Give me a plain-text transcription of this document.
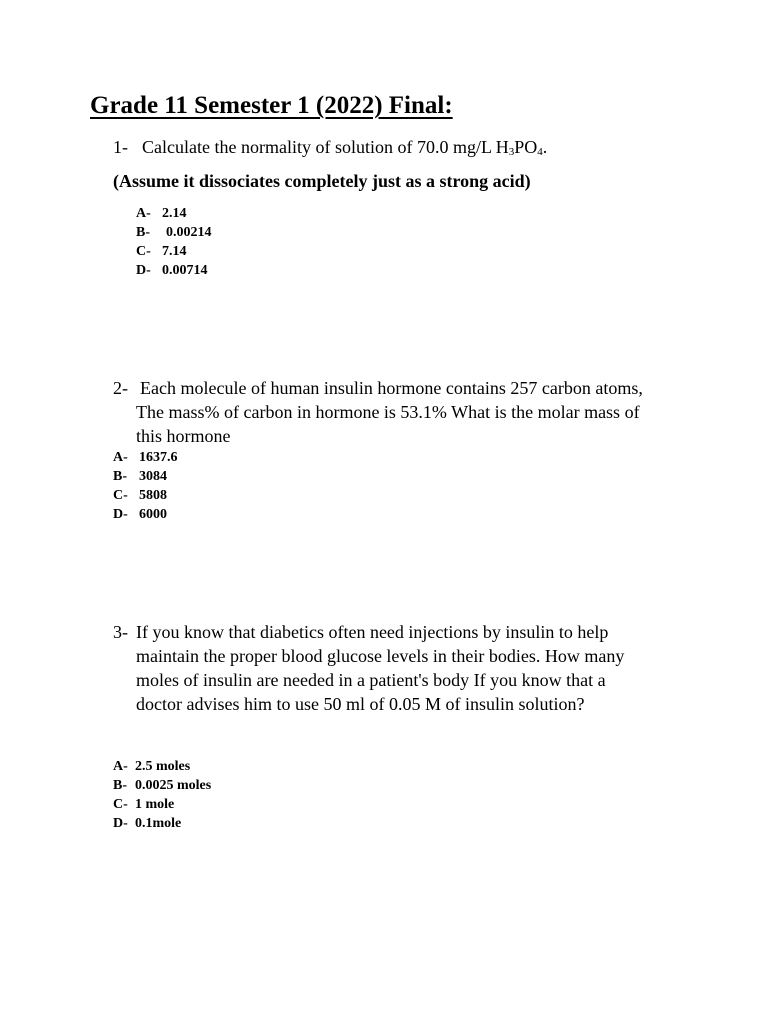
Grade 11 Semester 1 (2022) Final:
1- Calculate the normality of solution of 70.0 mg/L $H_3PO_4$.
(Assume it dissociates completely just as a strong acid)
A- 2.14
B- 0.00214
C- 7.14
D- 0.00714
2- Each molecule of human insulin hormone contains 257 carbon atoms,
The mass% of carbon in hormone is 53.1% What is the molar mass of
this hormone
A- 1637.6
B- 3084
C- 5808
D- 6000
3- If you know that diabetics often need injections by insulin to help
maintain the proper blood glucose levels in their bodies. How many
moles of insulin are needed in a patient's body If you know that a
doctor advises him to use 50 ml of 0.05 M of insulin solution?
A- 2.5 moles
B- 0.0025 moles
C- 1 mole
D- 0.1mole
